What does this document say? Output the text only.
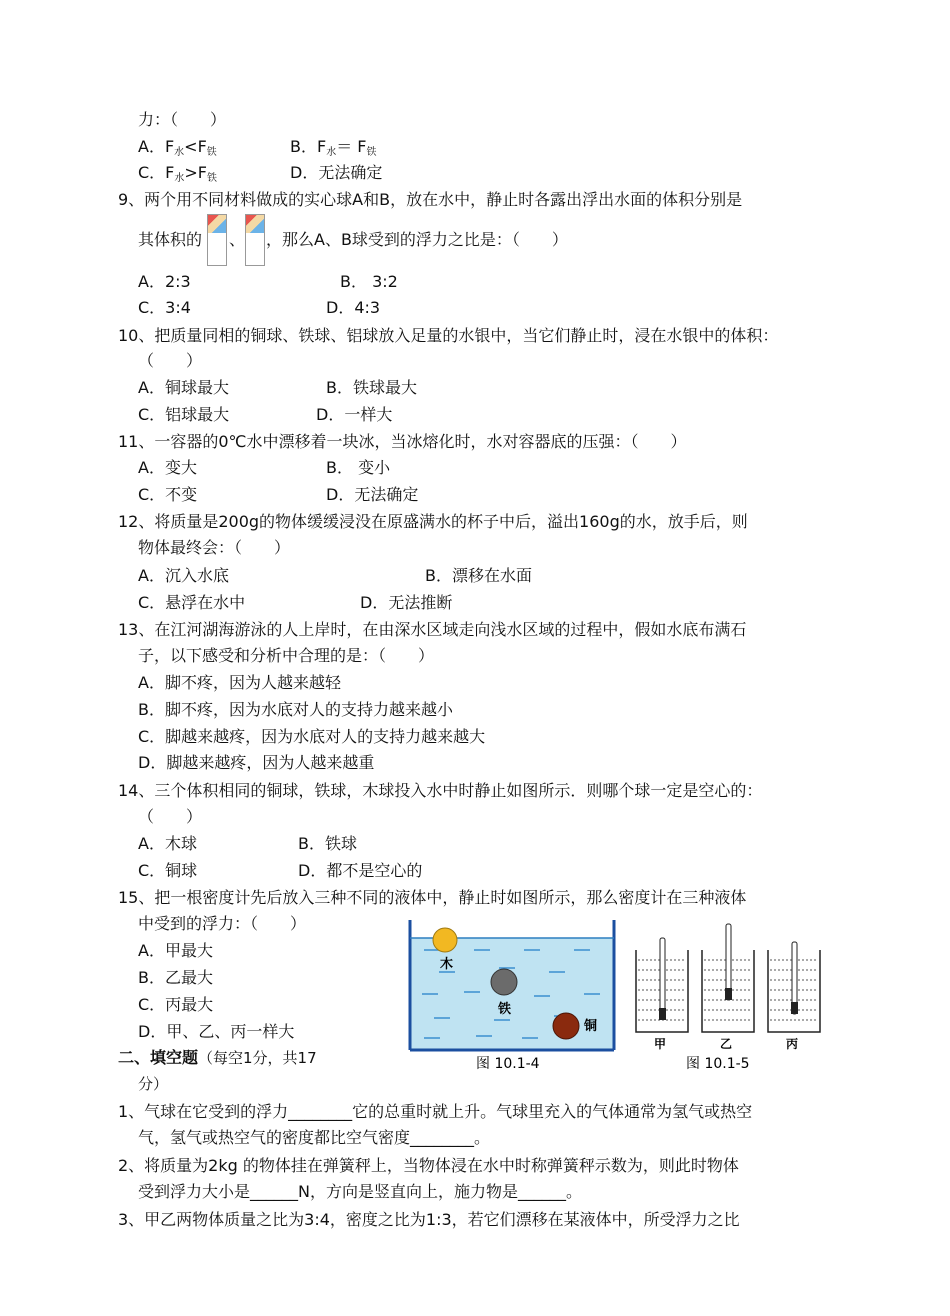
力：（　　）
A．$F_水<F_铁$	B．$F_水= F_铁$
C．$F_水>F_铁$	D．无法确定
9、两个用不同材料做成的实心球A和B，放在水中，静止时各露出浮出水面的体积分别是
其体积的 、 ，那么A、B球受到的浮力之比是：（　　）
A．2:3	B． 3:2
C．3:4	D．4:3
10、把质量同相的铜球、铁球、铝球放入足量的水银中，当它们静止时，浸在水银中的体积：
（　　）
A．铜球最大	B．铁球最大
C．铝球最大	D．一样大
11、一容器的0℃水中漂移着一块冰，当冰熔化时，水对容器底的压强：（　　）
A．变大	B． 变小
C．不变	D．无法确定
12、将质量是200g的物体缓缓浸没在原盛满水的杯子中后，溢出160g的水，放手后，则
物体最终会：（　　）
A．沉入水底	B．漂移在水面
C．悬浮在水中	D．无法推断
13、在江河湖海游泳的人上岸时，在由深水区域走向浅水区域的过程中，假如水底布满石
子，以下感受和分析中合理的是：（　　）
A．脚不疼，因为人越来越轻
B．脚不疼，因为水底对人的支持力越来越小
C．脚越来越疼，因为水底对人的支持力越来越大
D．脚越来越疼，因为人越来越重
14、三个体积相同的铜球，铁球，木球投入水中时静止如图所示．则哪个球一定是空心的：
（　　）
A．木球	B．铁球
C．铜球	D．都不是空心的
15、把一根密度计先后放入三种不同的液体中，静止时如图所示，那么密度计在三种液体
中受到的浮力：（　　）
A．甲最大
B．乙最大
C．丙最大
D．甲、乙、丙一样大
二、填空题（每空1分，共17
分）
1、气球在它受到的浮力________它的总重时就上升。气球里充入的气体通常为氢气或热空
气，氢气或热空气的密度都比空气密度________。
2、将质量为2kg 的物体挂在弹簧秤上，当物体浸在水中时称弹簧秤示数为，则此时物体
受到浮力大小是______N，方向是竖直向上，施力物是______。
3、甲乙两物体质量之比为3:4，密度之比为1:3，若它们漂移在某液体中，所受浮力之比
木
铁
铜
图 10.1-4
甲	乙	丙
图 10.1-5
